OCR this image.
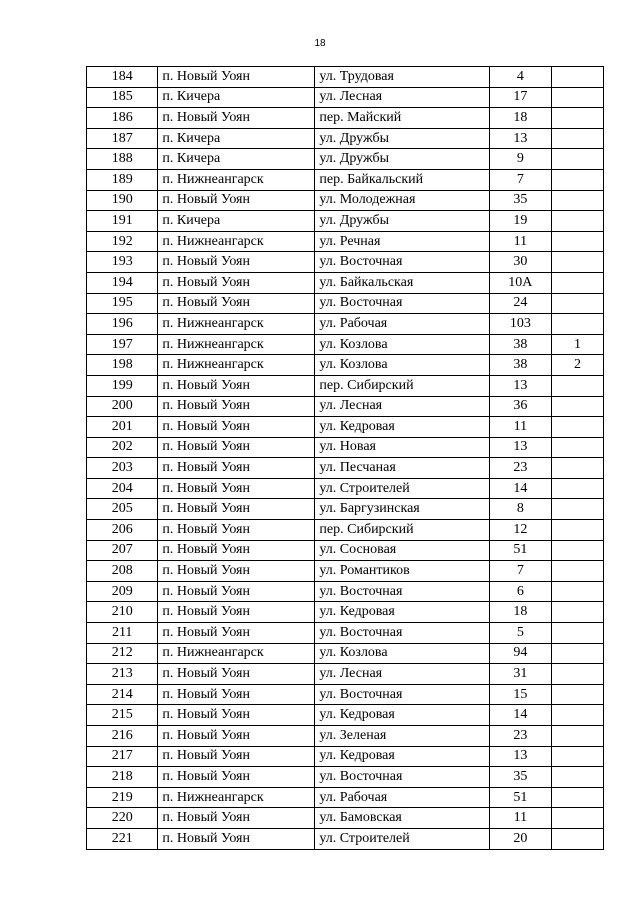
18
184	п. Новый Уоян	ул. Трудовая	4	
185	п. Кичера	ул. Лесная	17	
186	п. Новый Уоян	пер. Майский	18	
187	п. Кичера	ул. Дружбы	13	
188	п. Кичера	ул. Дружбы	9	
189	п. Нижнеангарск	пер. Байкальский	7	
190	п. Новый Уоян	ул. Молодежная	35	
191	п. Кичера	ул. Дружбы	19	
192	п. Нижнеангарск	ул. Речная	11	
193	п. Новый Уоян	ул. Восточная	30	
194	п. Новый Уоян	ул. Байкальская	10А	
195	п. Новый Уоян	ул. Восточная	24	
196	п. Нижнеангарск	ул. Рабочая	103	
197	п. Нижнеангарск	ул. Козлова	38	1
198	п. Нижнеангарск	ул. Козлова	38	2
199	п. Новый Уоян	пер. Сибирский	13	
200	п. Новый Уоян	ул. Лесная	36	
201	п. Новый Уоян	ул. Кедровая	11	
202	п. Новый Уоян	ул. Новая	13	
203	п. Новый Уоян	ул. Песчаная	23	
204	п. Новый Уоян	ул. Строителей	14	
205	п. Новый Уоян	ул. Баргузинская	8	
206	п. Новый Уоян	пер. Сибирский	12	
207	п. Новый Уоян	ул. Сосновая	51	
208	п. Новый Уоян	ул. Романтиков	7	
209	п. Новый Уоян	ул. Восточная	6	
210	п. Новый Уоян	ул. Кедровая	18	
211	п. Новый Уоян	ул. Восточная	5	
212	п. Нижнеангарск	ул. Козлова	94	
213	п. Новый Уоян	ул. Лесная	31	
214	п. Новый Уоян	ул. Восточная	15	
215	п. Новый Уоян	ул. Кедровая	14	
216	п. Новый Уоян	ул. Зеленая	23	
217	п. Новый Уоян	ул. Кедровая	13	
218	п. Новый Уоян	ул. Восточная	35	
219	п. Нижнеангарск	ул. Рабочая	51	
220	п. Новый Уоян	ул. Бамовская	11	
221	п. Новый Уоян	ул. Строителей	20	
